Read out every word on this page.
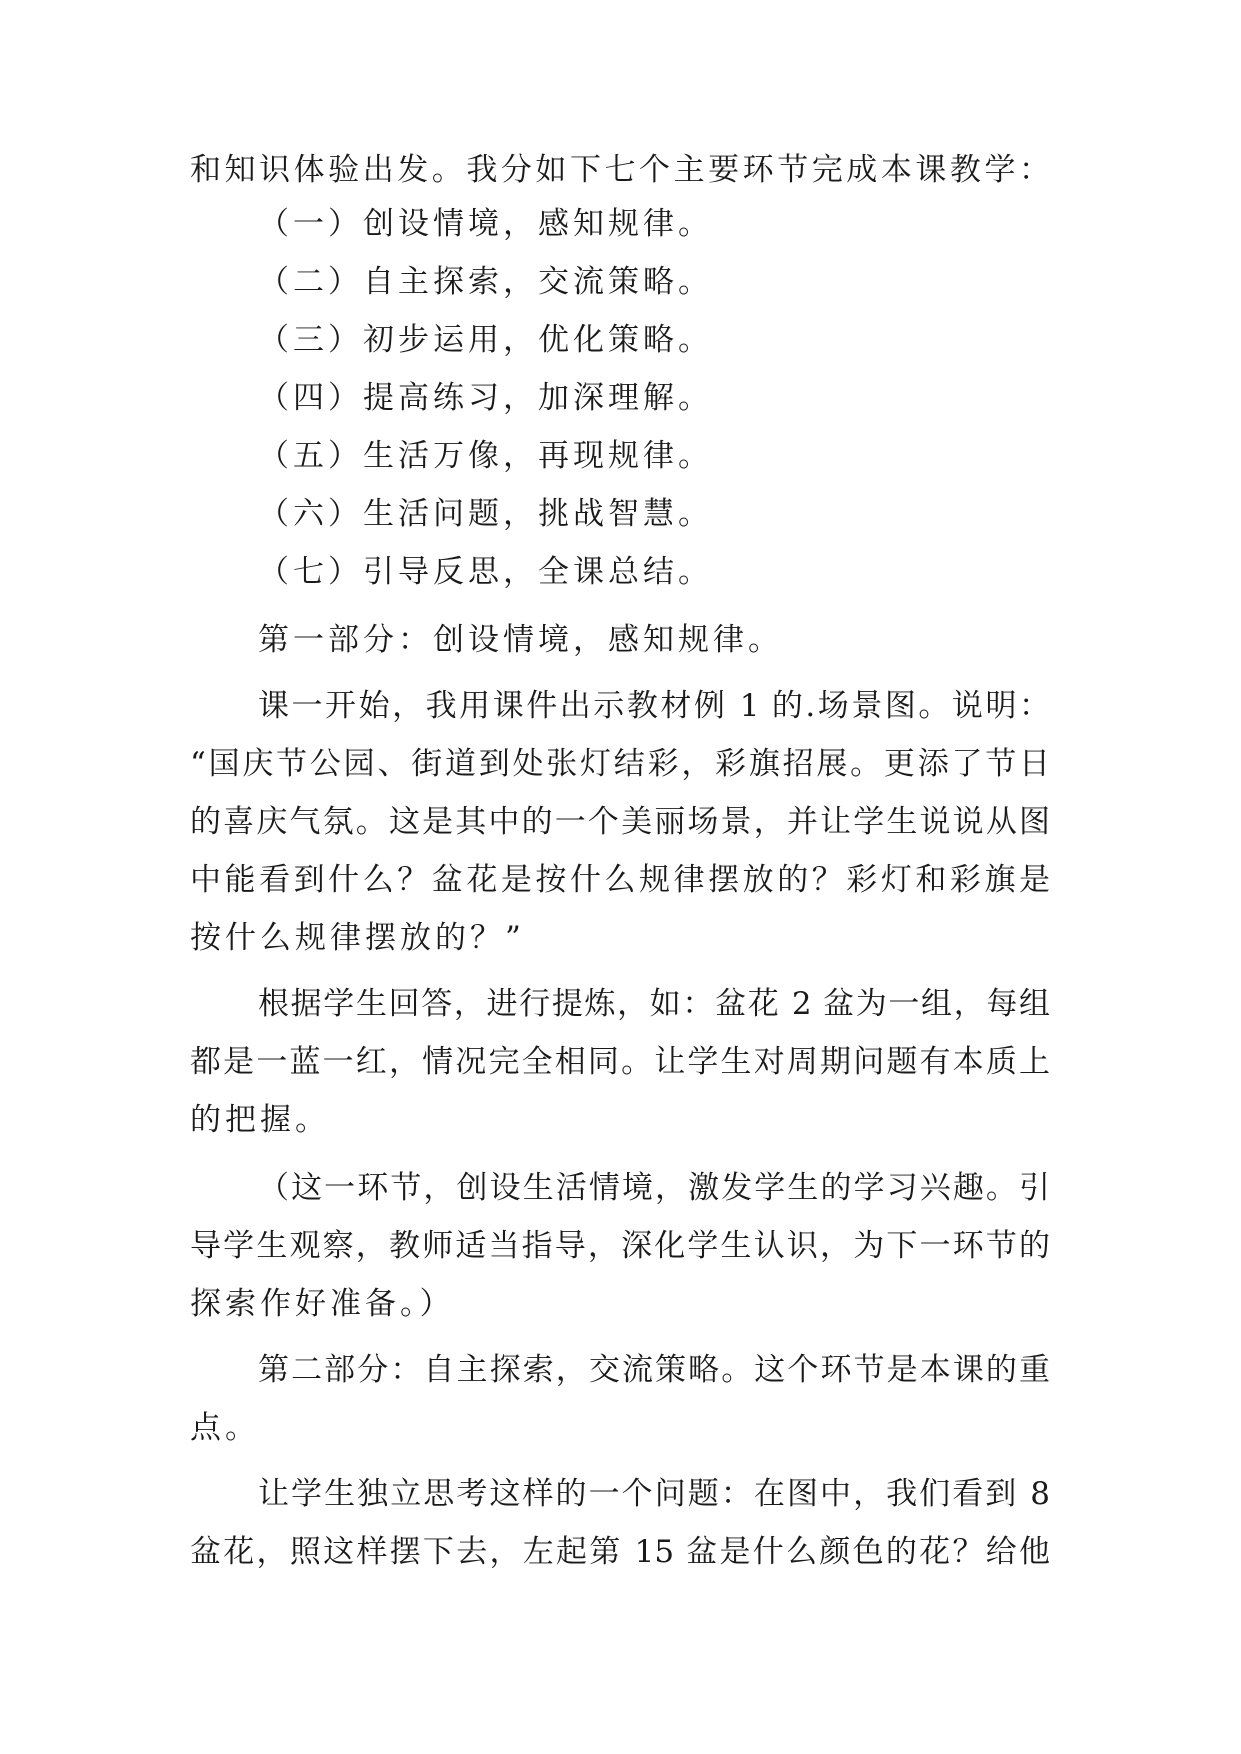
和知识体验出发。我分如下七个主要环节完成本课教学：
（一）创设情境，感知规律。
（二）自主探索，交流策略。
（三）初步运用，优化策略。
（四）提高练习，加深理解。
（五）生活万像，再现规律。
（六）生活问题，挑战智慧。
（七）引导反思，全课总结。
第一部分：创设情境，感知规律。
课一开始，我用课件出示教材例 1 的.场景图。说明：
“国庆节公园、街道到处张灯结彩，彩旗招展。更添了节日
的喜庆气氛。这是其中的一个美丽场景，并让学生说说从图
中能看到什么？盆花是按什么规律摆放的？彩灯和彩旗是
按什么规律摆放的？”
根据学生回答，进行提炼，如：盆花 2 盆为一组，每组
都是一蓝一红，情况完全相同。让学生对周期问题有本质上
的把握。
（这一环节，创设生活情境，激发学生的学习兴趣。引
导学生观察，教师适当指导，深化学生认识，为下一环节的
探索作好准备。）
第二部分：自主探索，交流策略。这个环节是本课的重
点。
让学生独立思考这样的一个问题：在图中，我们看到 8
盆花，照这样摆下去，左起第 15 盆是什么颜色的花？给他
